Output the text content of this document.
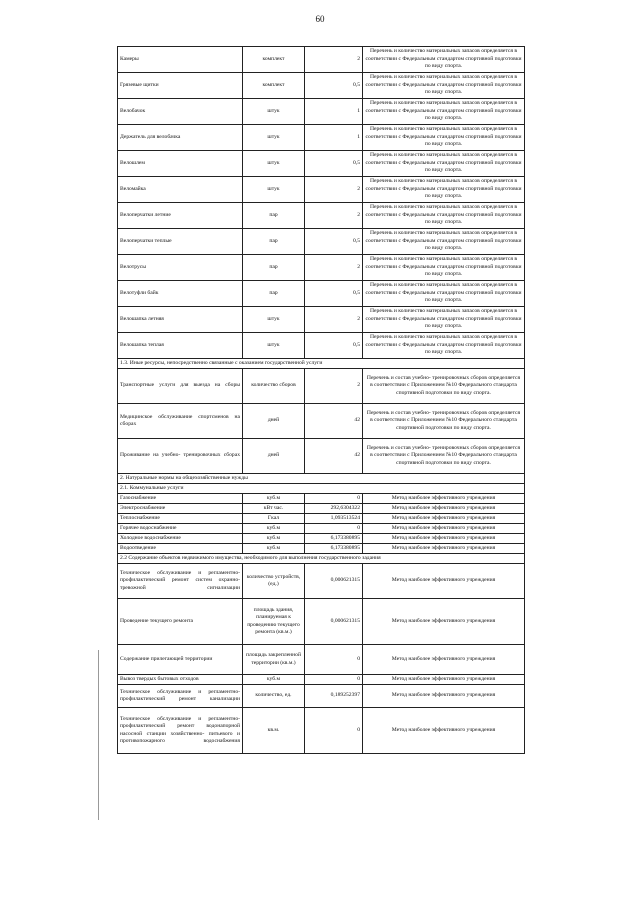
60
Камеры	комплект	2	Перечень и количество материальных запасов определяется в соответствии с Федеральным стандартом спортивной подготовки по виду спорта.
Грязевые щитки	комплект	0,5	Перечень и количество материальных запасов определяется в соответствии с Федеральным стандартом спортивной подготовки по виду спорта.
Велобачок	штук	1	Перечень и количество материальных запасов определяется в соответствии с Федеральным стандартом спортивной подготовки по виду спорта.
Держатель для велобачка	штук	1	Перечень и количество материальных запасов определяется в соответствии с Федеральным стандартом спортивной подготовки по виду спорта.
Велошлем	штук	0,5	Перечень и количество материальных запасов определяется в соответствии с Федеральным стандартом спортивной подготовки по виду спорта.
Веломайка	штук	2	Перечень и количество материальных запасов определяется в соответствии с Федеральным стандартом спортивной подготовки по виду спорта.
Велоперчатки летние	пар	2	Перечень и количество материальных запасов определяется в соответствии с Федеральным стандартом спортивной подготовки по виду спорта.
Велоперчатки теплые	пар	0,5	Перечень и количество материальных запасов определяется в соответствии с Федеральным стандартом спортивной подготовки по виду спорта.
Велотрусы	пар	2	Перечень и количество материальных запасов определяется в соответствии с Федеральным стандартом спортивной подготовки по виду спорта.
Велотуфли байк	пар	0,5	Перечень и количество материальных запасов определяется в соответствии с Федеральным стандартом спортивной подготовки по виду спорта.
Велошапка летняя	штук	2	Перечень и количество материальных запасов определяется в соответствии с Федеральным стандартом спортивной подготовки по виду спорта.
Велошапка теплая	штук	0,5	Перечень и количество материальных запасов определяется в соответствии с Федеральным стандартом спортивной подготовки по виду спорта.
1.3. Иные ресурсы, непосредственно связанные с оказанием государственной услуги			
Транспортные услуги для выезда на сборы	количество сборов	2	Перечень и состав учебно- тренировочных сборов определяется в соответствии с Приложением №10 Федерального стандарта спортивной подготовки по виду спорта.
Медицинское обслуживание спортсменов на сборах	дней	42	Перечень и состав учебно- тренировочных сборов определяется в соответствии с Приложением №10 Федерального стандарта спортивной подготовки по виду спорта.
Проживание на учебно- тренировочных сборах	дней	42	Перечень и состав учебно- тренировочных сборов определяется в соответствии с Приложением №10 Федерального стандарта спортивной подготовки по виду спорта.
2. Натуральные нормы на общехозяйственные нужды			
2.1. Коммунальные услуги			
Газоснабжение	куб.м	0	Метод наиболее эффективного учреждения
Электроснабжение	кВт час.	292,6304322	Метод наиболее эффективного учреждения
Теплоснабжение	Гкал	1,093513524	Метод наиболее эффективного учреждения
Горячее водоснабжение	куб.м	0	Метод наиболее эффективного учреждения
Холодное водоснабжение	куб.м	6,173380895	Метод наиболее эффективного учреждения
Водоотведение	куб.м	6,173380895	Метод наиболее эффективного учреждения
2.2 Содержание объектов недвижимого имущества, необходимого для выполнения государственного задания			
Техническое обслуживание и регламентно- профилактический ремонт систем охранно- тревожной сигнализации	количество устройств, (ед.)	0,000621315	Метод наиболее эффективного учреждения
Проведение текущего ремонта	площадь здания, планируемая к проведению текущего ремонта (кв.м.)	0,000621315	Метод наиболее эффективного учреждения
Содержание прилегающей территории	площадь закрепленной территории (кв.м.)	0	Метод наиболее эффективного учреждения
Вывоз твердых бытовых отходов	куб.м	0	Метод наиболее эффективного учреждения
Техническое обслуживание и регламентно- профилактический ремонт канализации	количество, ед.	0,189252397	Метод наиболее эффективного учреждения
Техническое обслуживание и регламентно- профилактический ремонт водонапорной насосной станции хозяйственно- питьевого и противопожарного водоснабжения	кв.м.	0	Метод наиболее эффективного учреждения
